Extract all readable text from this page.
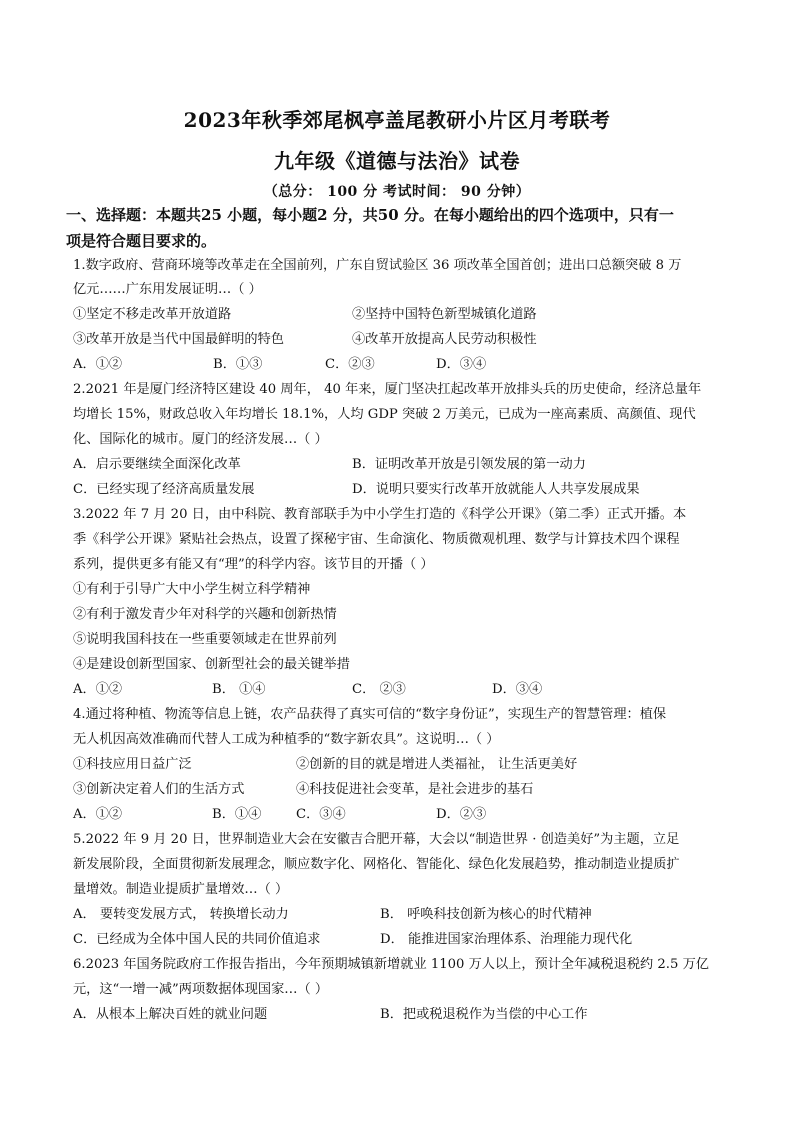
2023年秋季郊尾枫亭盖尾教研小片区月考联考
九年级《道德与法治》试卷
（总分： 100 分 考试时间： 90 分钟）
一、选择题：本题共25 小题，每小题2 分，共50 分。在每小题给出的四个选项中，只有一
项是符合题目要求的。
1.数字政府、营商环境等改革走在全国前列，广东自贸试验区 36 项改革全国首创；进出口总额突破 8 万
亿元……广东用发展证明…（ ）
①坚定不移走改革开放道路	②坚持中国特色新型城镇化道路
③改革开放是当代中国最鲜明的特色	④改革开放提高人民劳动积极性
A．①②	B．①③	C．②③	D．③④
2.2021 年是厦门经济特区建设 40 周年， 40 年来，厦门坚决扛起改革开放排头兵的历史使命，经济总量年
均增长 15%，财政总收入年均增长 18.1%，人均 GDP 突破 2 万美元，已成为一座高素质、高颜值、现代
化、国际化的城市。厦门的经济发展…（ ）
A．启示要继续全面深化改革	B．证明改革开放是引领发展的第一动力
C．已经实现了经济高质量发展	D．说明只要实行改革开放就能人人共享发展成果
3.2022 年 7 月 20 日，由中科院、教育部联手为中小学生打造的《科学公开课》（第二季）正式开播。本
季《科学公开课》紧贴社会热点，设置了探秘宇宙、生命演化、物质微观机理、数学与计算技术四个课程
系列，提供更多有能又有“理”的科学内容。该节目的开播（ ）
①有利于引导广大中小学生树立科学精神
②有利于激发青少年对科学的兴趣和创新热情
⑤说明我国科技在一些重要领域走在世界前列
④是建设创新型国家、创新型社会的最关键举措
A．①②	B． ①④	C． ②③	D．③④
4.通过将种植、物流等信息上链，农产品获得了真实可信的“数字身份证”，实现生产的智慧管理：植保
无人机因高效准确而代替人工成为种植季的“数字新农具”。这说明…（ ）
①科技应用日益广泛	②创新的目的就是增进人类福祉， 让生活更美好
③创新决定着人们的生活方式	④科技促进社会变革，是社会进步的基石
A．①②	B．①④	C．③④	D．②③
5.2022 年 9 月 20 日，世界制造业大会在安徽吉合肥开幕，大会以“制造世界 · 创造美好”为主题，立足
新发展阶段，全面贯彻新发展理念，顺应数字化、网格化、智能化、绿色化发展趋势，推动制造业提质扩
量增效。制造业提质扩量增效…（ ）
A． 要转变发展方式， 转换增长动力	B． 呼唤科技创新为核心的时代精神
C．已经成为全体中国人民的共同价值追求	D． 能推进国家治理体系、治理能力现代化
6.2023 年国务院政府工作报告指出，今年预期城镇新增就业 1100 万人以上，预计全年减税退税约 2.5 万亿
元，这“一增一减”两项数据体现国家…（ ）
A．从根本上解决百姓的就业问题	B．把或税退税作为当偿的中心工作
